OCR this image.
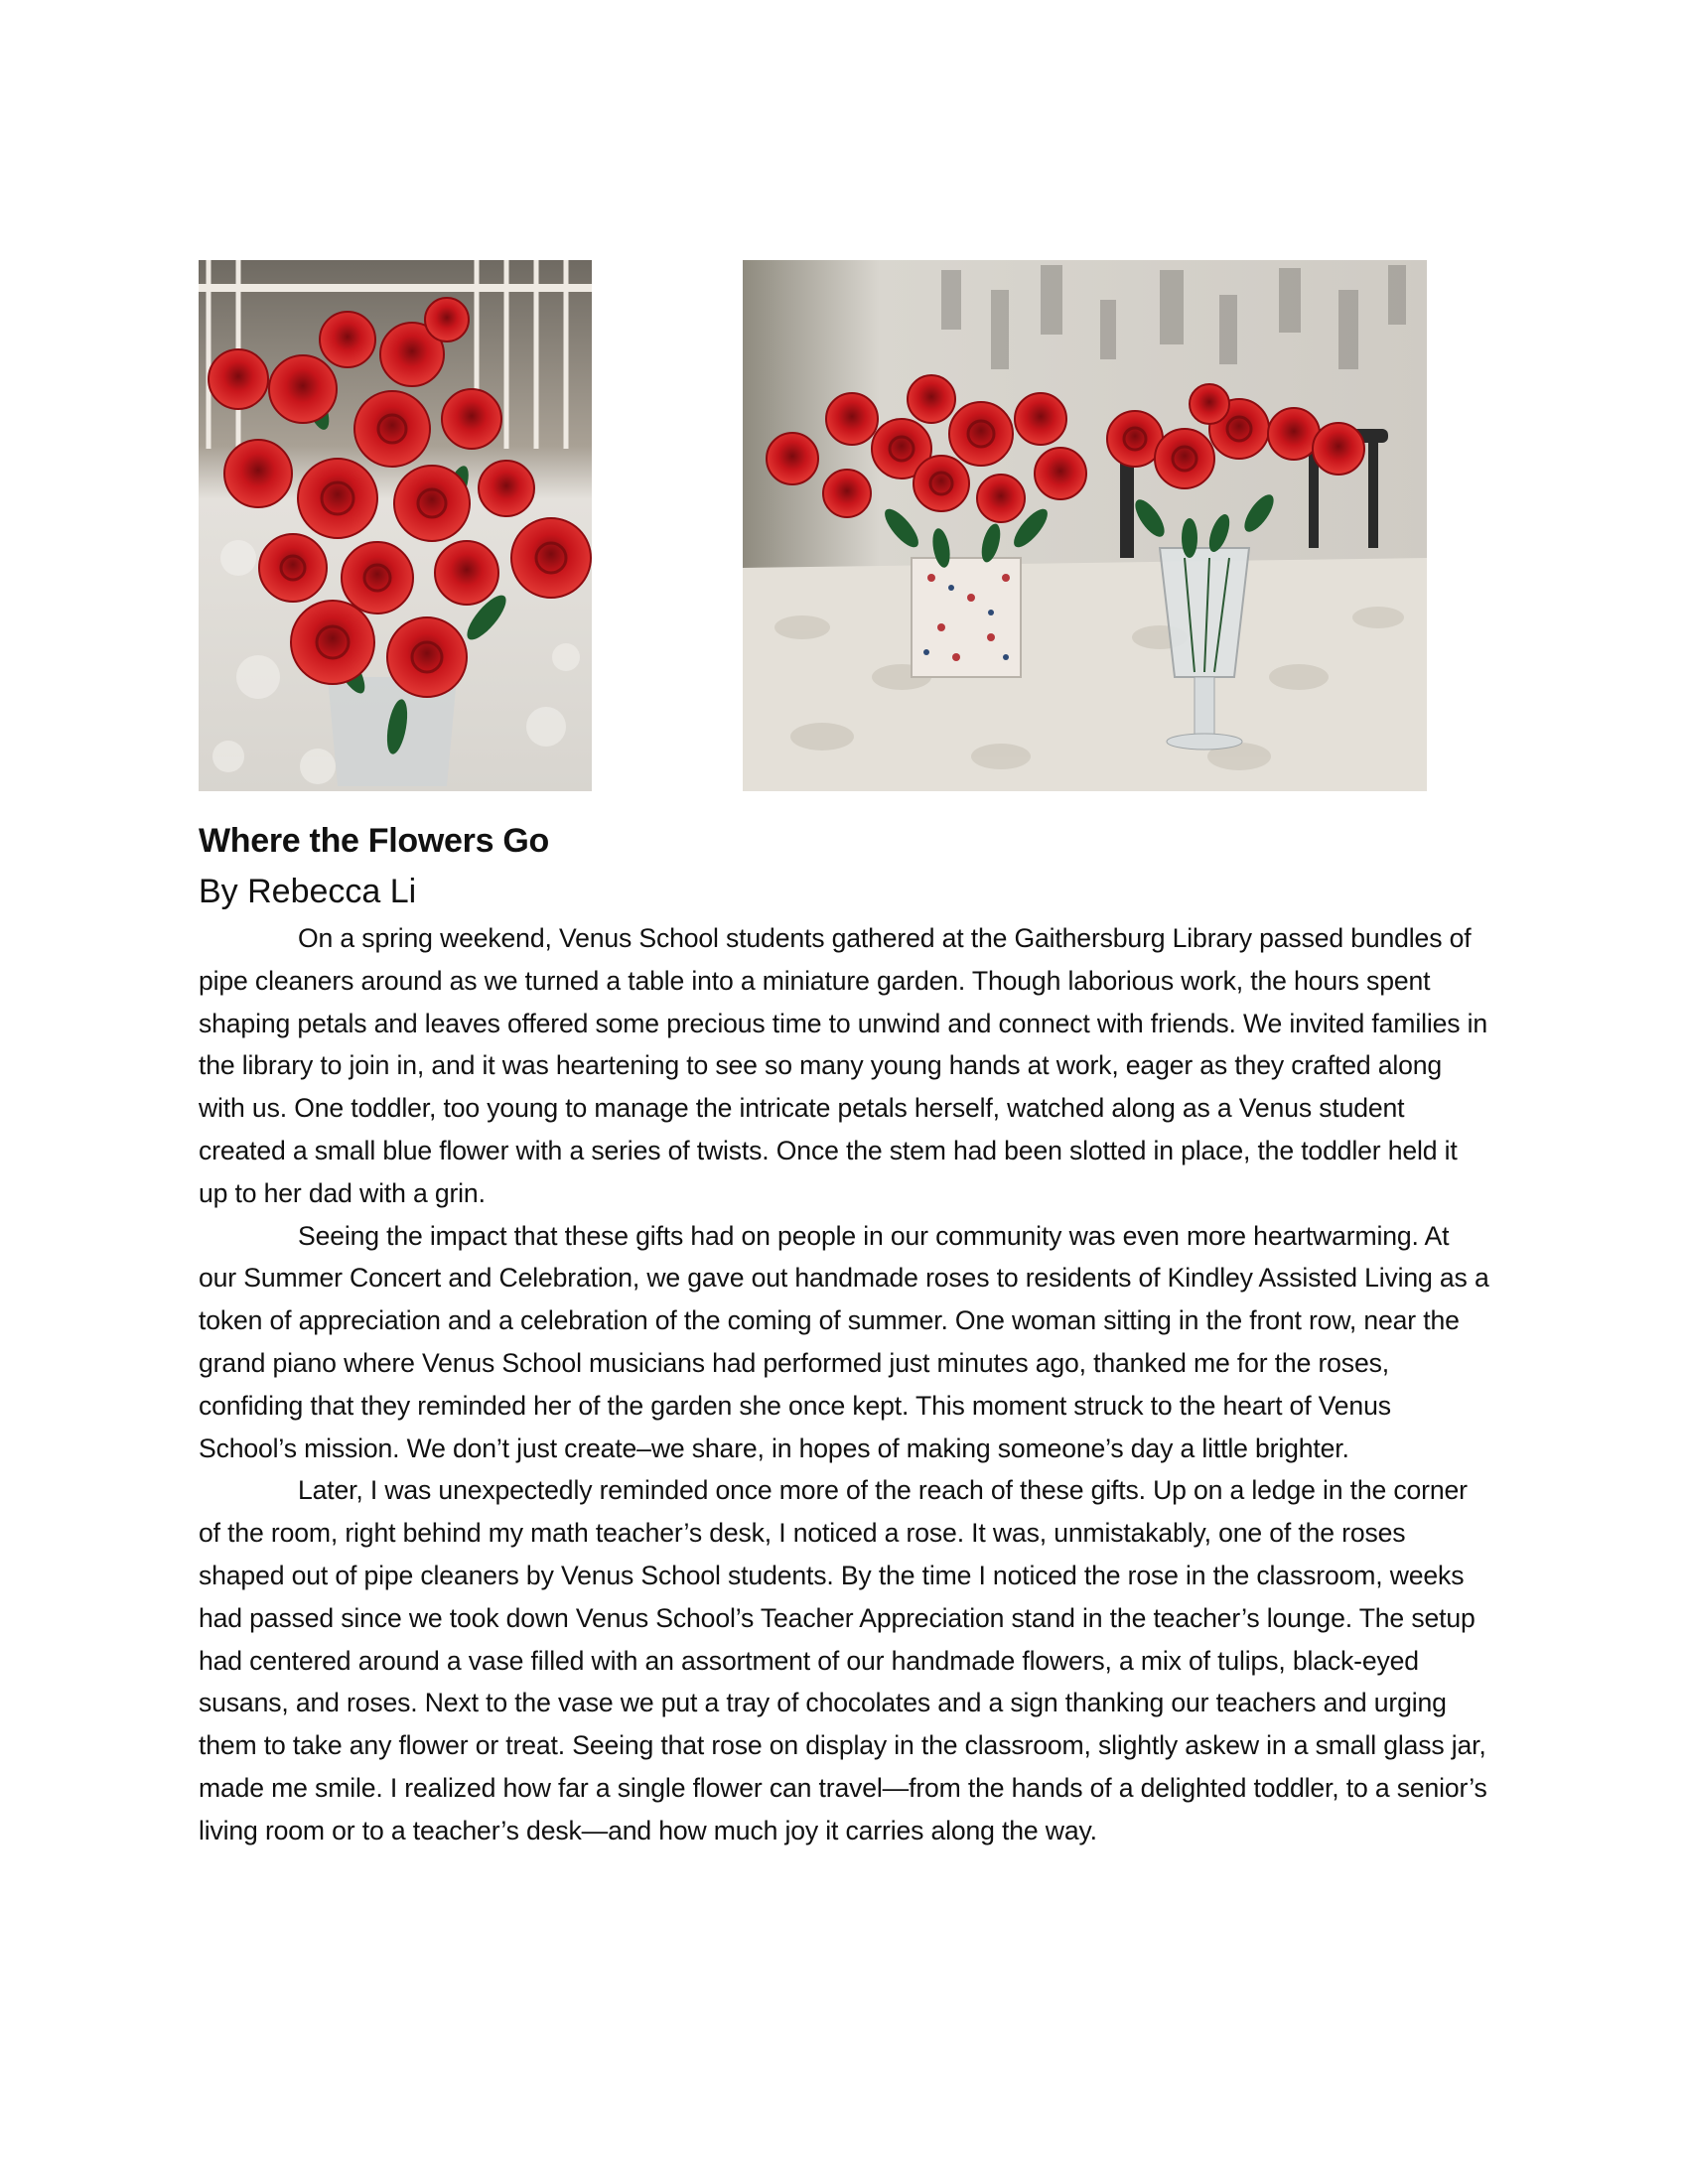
Where the Flowers Go

By Rebecca Li

On a spring weekend, Venus School students gathered at the Gaithersburg Library passed bundles of pipe cleaners around as we turned a table into a miniature garden. Though laborious work, the hours spent shaping petals and leaves offered some precious time to unwind and connect with friends. We invited families in the library to join in, and it was heartening to see so many young hands at work, eager as they crafted along with us. One toddler, too young to manage the intricate petals herself, watched along as a Venus student created a small blue flower with a series of twists. Once the stem had been slotted in place, the toddler held it up to her dad with a grin.

Seeing the impact that these gifts had on people in our community was even more heartwarming. At our Summer Concert and Celebration, we gave out handmade roses to residents of Kindley Assisted Living as a token of appreciation and a celebration of the coming of summer. One woman sitting in the front row, near the grand piano where Venus School musicians had performed just minutes ago, thanked me for the roses, confiding that they reminded her of the garden she once kept. This moment struck to the heart of Venus School’s mission. We don’t just create–we share, in hopes of making someone’s day a little brighter.

Later, I was unexpectedly reminded once more of the reach of these gifts. Up on a ledge in the corner of the room, right behind my math teacher’s desk, I noticed a rose. It was, unmistakably, one of the roses shaped out of pipe cleaners by Venus School students. By the time I noticed the rose in the classroom, weeks had passed since we took down Venus School’s Teacher Appreciation stand in the teacher’s lounge. The setup had centered around a vase filled with an assortment of our handmade flowers, a mix of tulips, black-eyed susans, and roses. Next to the vase we put a tray of chocolates and a sign thanking our teachers and urging them to take any flower or treat. Seeing that rose on display in the classroom, slightly askew in a small glass jar, made me smile. I realized how far a single flower can travel—from the hands of a delighted toddler, to a senior’s living room or to a teacher’s desk—and how much joy it carries along the way.
